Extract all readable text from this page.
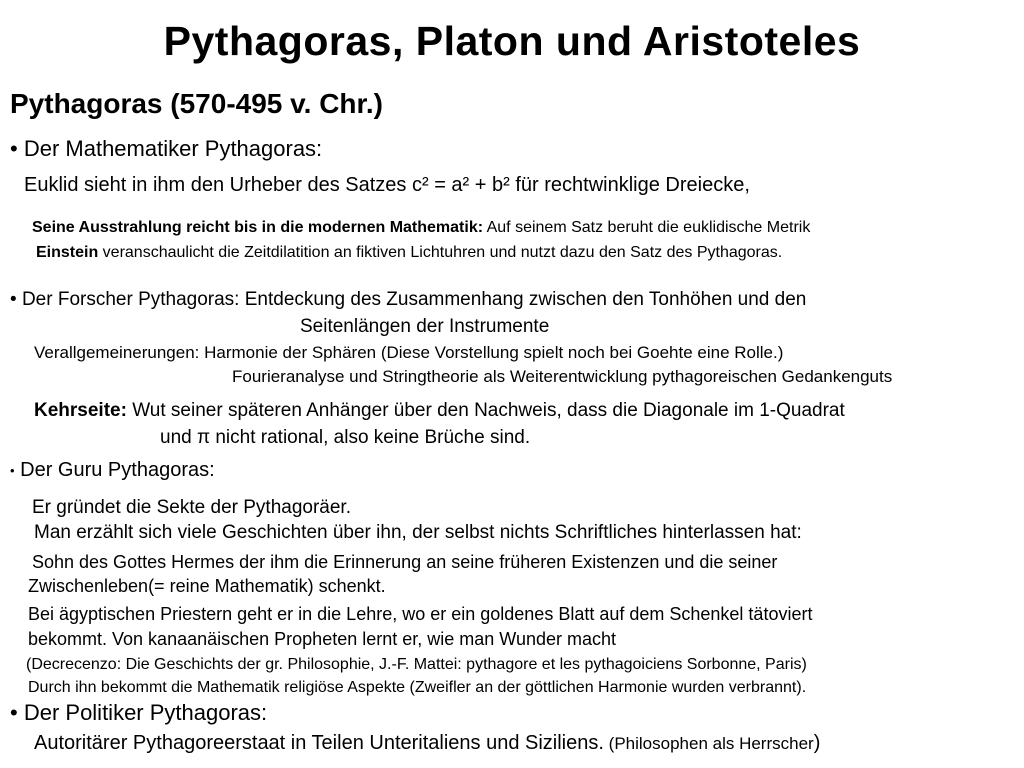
Pythagoras, Platon und Aristoteles
Pythagoras (570-495 v. Chr.)
• Der Mathematiker Pythagoras:
Euklid sieht in ihm den Urheber des Satzes c² = a² + b² für rechtwinklige Dreiecke,
Seine Ausstrahlung reicht bis in die modernen Mathematik: Auf seinem Satz beruht die euklidische Metrik
Einstein veranschaulicht die Zeitdilatition an fiktiven Lichtuhren und nutzt dazu den Satz des Pythagoras.
• Der Forscher Pythagoras: Entdeckung des Zusammenhang zwischen den Tonhöhen und den
Seitenlängen der Instrumente
Verallgemeinerungen: Harmonie der Sphären (Diese Vorstellung spielt noch bei Goehte eine Rolle.)
Fourieranalyse und Stringtheorie als Weiterentwicklung pythagoreischen Gedankenguts
Kehrseite: Wut seiner späteren Anhänger über den Nachweis, dass die Diagonale im 1-Quadrat
und π nicht rational, also keine Brüche sind.
• Der Guru Pythagoras:
Er gründet die Sekte der Pythagoräer.
Man erzählt sich viele Geschichten über ihn, der selbst nichts Schriftliches hinterlassen hat:
Sohn des Gottes Hermes der ihm die Erinnerung an seine früheren Existenzen und die seiner
Zwischenleben(= reine Mathematik) schenkt.
Bei ägyptischen Priestern geht er in die Lehre, wo er ein goldenes Blatt auf dem Schenkel tätoviert
bekommt. Von kanaanäischen Propheten lernt er, wie man Wunder macht
(Decrecenzo: Die Geschichts der gr. Philosophie, J.-F. Mattei: pythagore et les pythagoiciens Sorbonne, Paris)
Durch ihn bekommt die Mathematik religiöse Aspekte (Zweifler an der göttlichen Harmonie wurden verbrannt).
• Der Politiker Pythagoras:
Autoritärer Pythagoreerstaat in Teilen Unteritaliens und Siziliens. (Philosophen als Herrscher)
